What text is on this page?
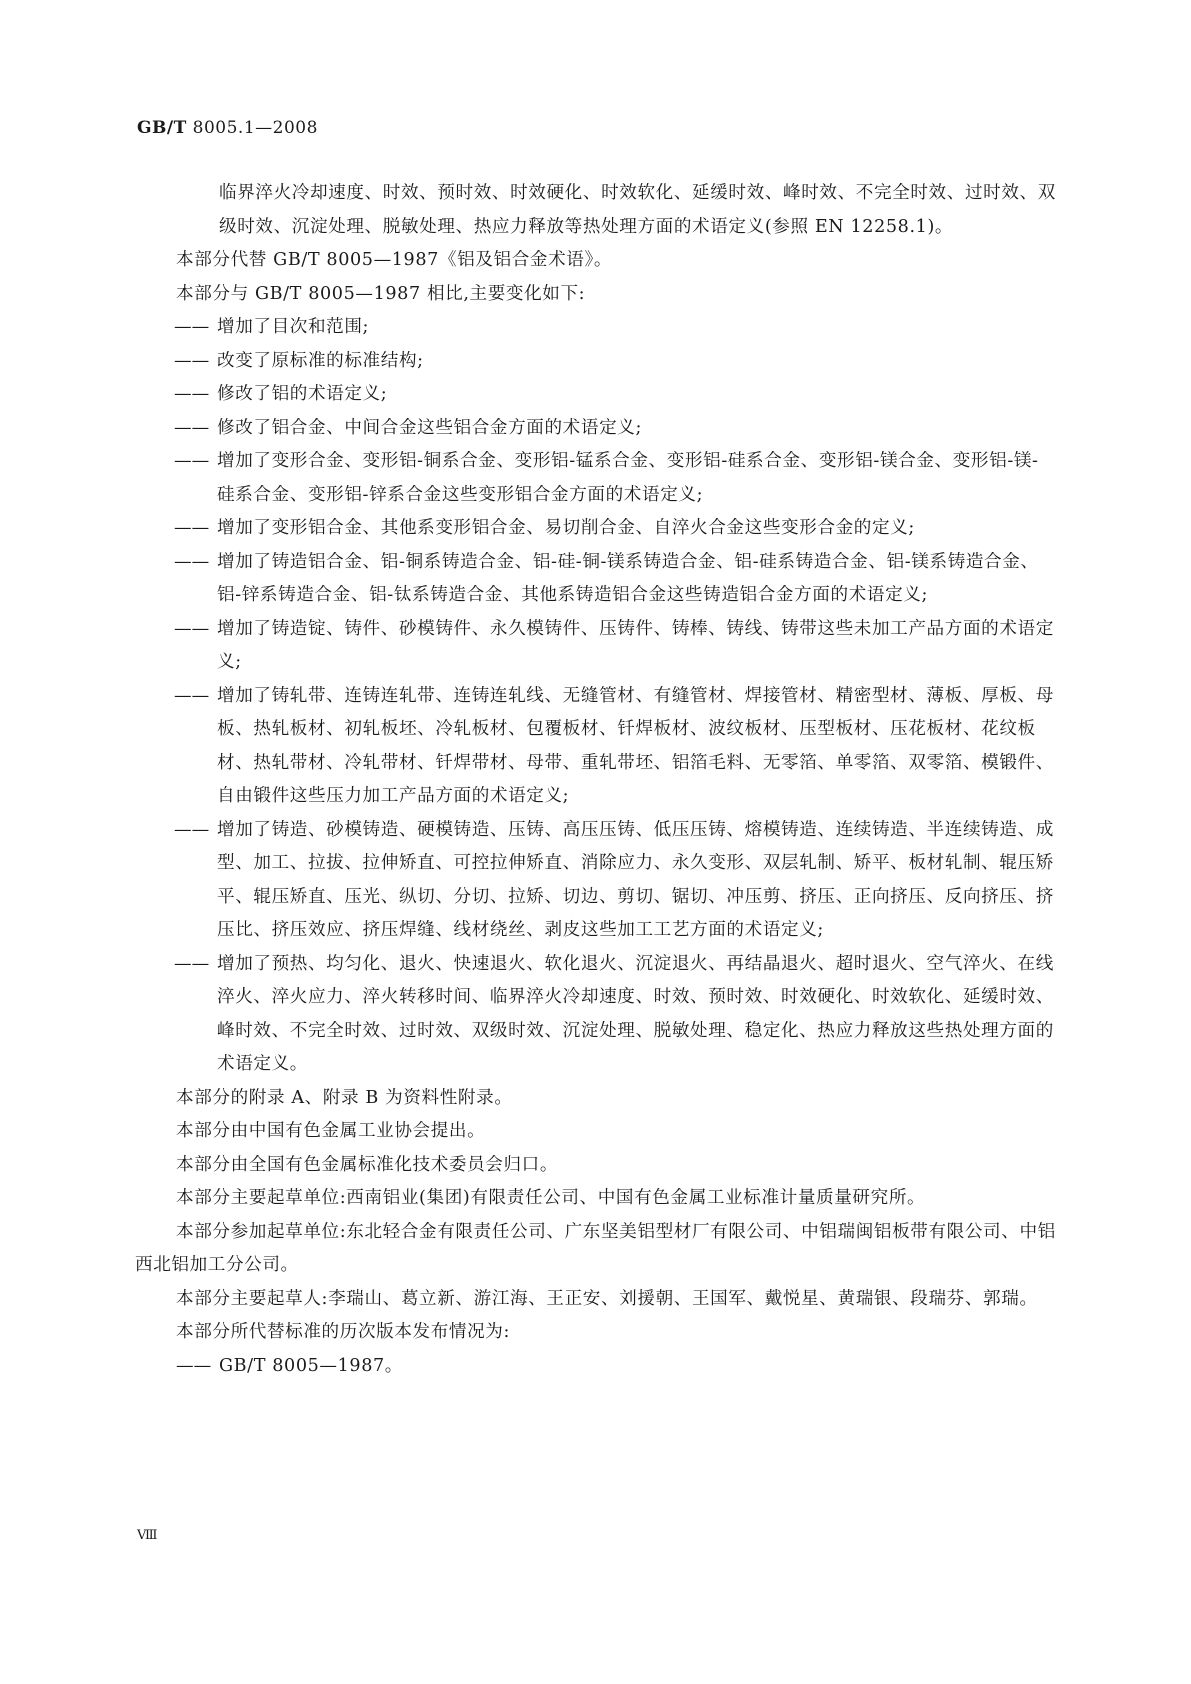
GB/T 8005.1—2008

临界淬火冷却速度、时效、预时效、时效硬化、时效软化、延缓时效、峰时效、不完全时效、过时效、双级时效、沉淀处理、脱敏处理、热应力释放等热处理方面的术语定义(参照 EN 12258.1)。

本部分代替 GB/T 8005—1987《铝及铝合金术语》。

本部分与 GB/T 8005—1987 相比,主要变化如下:

—— 增加了目次和范围;

—— 改变了原标准的标准结构;

—— 修改了铝的术语定义;

—— 修改了铝合金、中间合金这些铝合金方面的术语定义;

—— 增加了变形合金、变形铝-铜系合金、变形铝-锰系合金、变形铝-硅系合金、变形铝-镁合金、变形铝-镁-硅系合金、变形铝-锌系合金这些变形铝合金方面的术语定义;

—— 增加了变形铝合金、其他系变形铝合金、易切削合金、自淬火合金这些变形合金的定义;

—— 增加了铸造铝合金、铝-铜系铸造合金、铝-硅-铜-镁系铸造合金、铝-硅系铸造合金、铝-镁系铸造合金、铝-锌系铸造合金、铝-钛系铸造合金、其他系铸造铝合金这些铸造铝合金方面的术语定义;

—— 增加了铸造锭、铸件、砂模铸件、永久模铸件、压铸件、铸棒、铸线、铸带这些未加工产品方面的术语定义;

—— 增加了铸轧带、连铸连轧带、连铸连轧线、无缝管材、有缝管材、焊接管材、精密型材、薄板、厚板、母板、热轧板材、初轧板坯、冷轧板材、包覆板材、钎焊板材、波纹板材、压型板材、压花板材、花纹板材、热轧带材、冷轧带材、钎焊带材、母带、重轧带坯、铝箔毛料、无零箔、单零箔、双零箔、模锻件、自由锻件这些压力加工产品方面的术语定义;

—— 增加了铸造、砂模铸造、硬模铸造、压铸、高压压铸、低压压铸、熔模铸造、连续铸造、半连续铸造、成型、加工、拉拔、拉伸矫直、可控拉伸矫直、消除应力、永久变形、双层轧制、矫平、板材轧制、辊压矫平、辊压矫直、压光、纵切、分切、拉矫、切边、剪切、锯切、冲压剪、挤压、正向挤压、反向挤压、挤压比、挤压效应、挤压焊缝、线材绕丝、剥皮这些加工工艺方面的术语定义;

—— 增加了预热、均匀化、退火、快速退火、软化退火、沉淀退火、再结晶退火、超时退火、空气淬火、在线淬火、淬火应力、淬火转移时间、临界淬火冷却速度、时效、预时效、时效硬化、时效软化、延缓时效、峰时效、不完全时效、过时效、双级时效、沉淀处理、脱敏处理、稳定化、热应力释放这些热处理方面的术语定义。

本部分的附录 A、附录 B 为资料性附录。

本部分由中国有色金属工业协会提出。

本部分由全国有色金属标准化技术委员会归口。

本部分主要起草单位:西南铝业(集团)有限责任公司、中国有色金属工业标准计量质量研究所。

本部分参加起草单位:东北轻合金有限责任公司、广东坚美铝型材厂有限公司、中铝瑞闽铝板带有限公司、中铝西北铝加工分公司。

本部分主要起草人:李瑞山、葛立新、游江海、王正安、刘援朝、王国军、戴悦星、黄瑞银、段瑞芬、郭瑞。

本部分所代替标准的历次版本发布情况为:

—— GB/T 8005—1987。

Ⅷ
